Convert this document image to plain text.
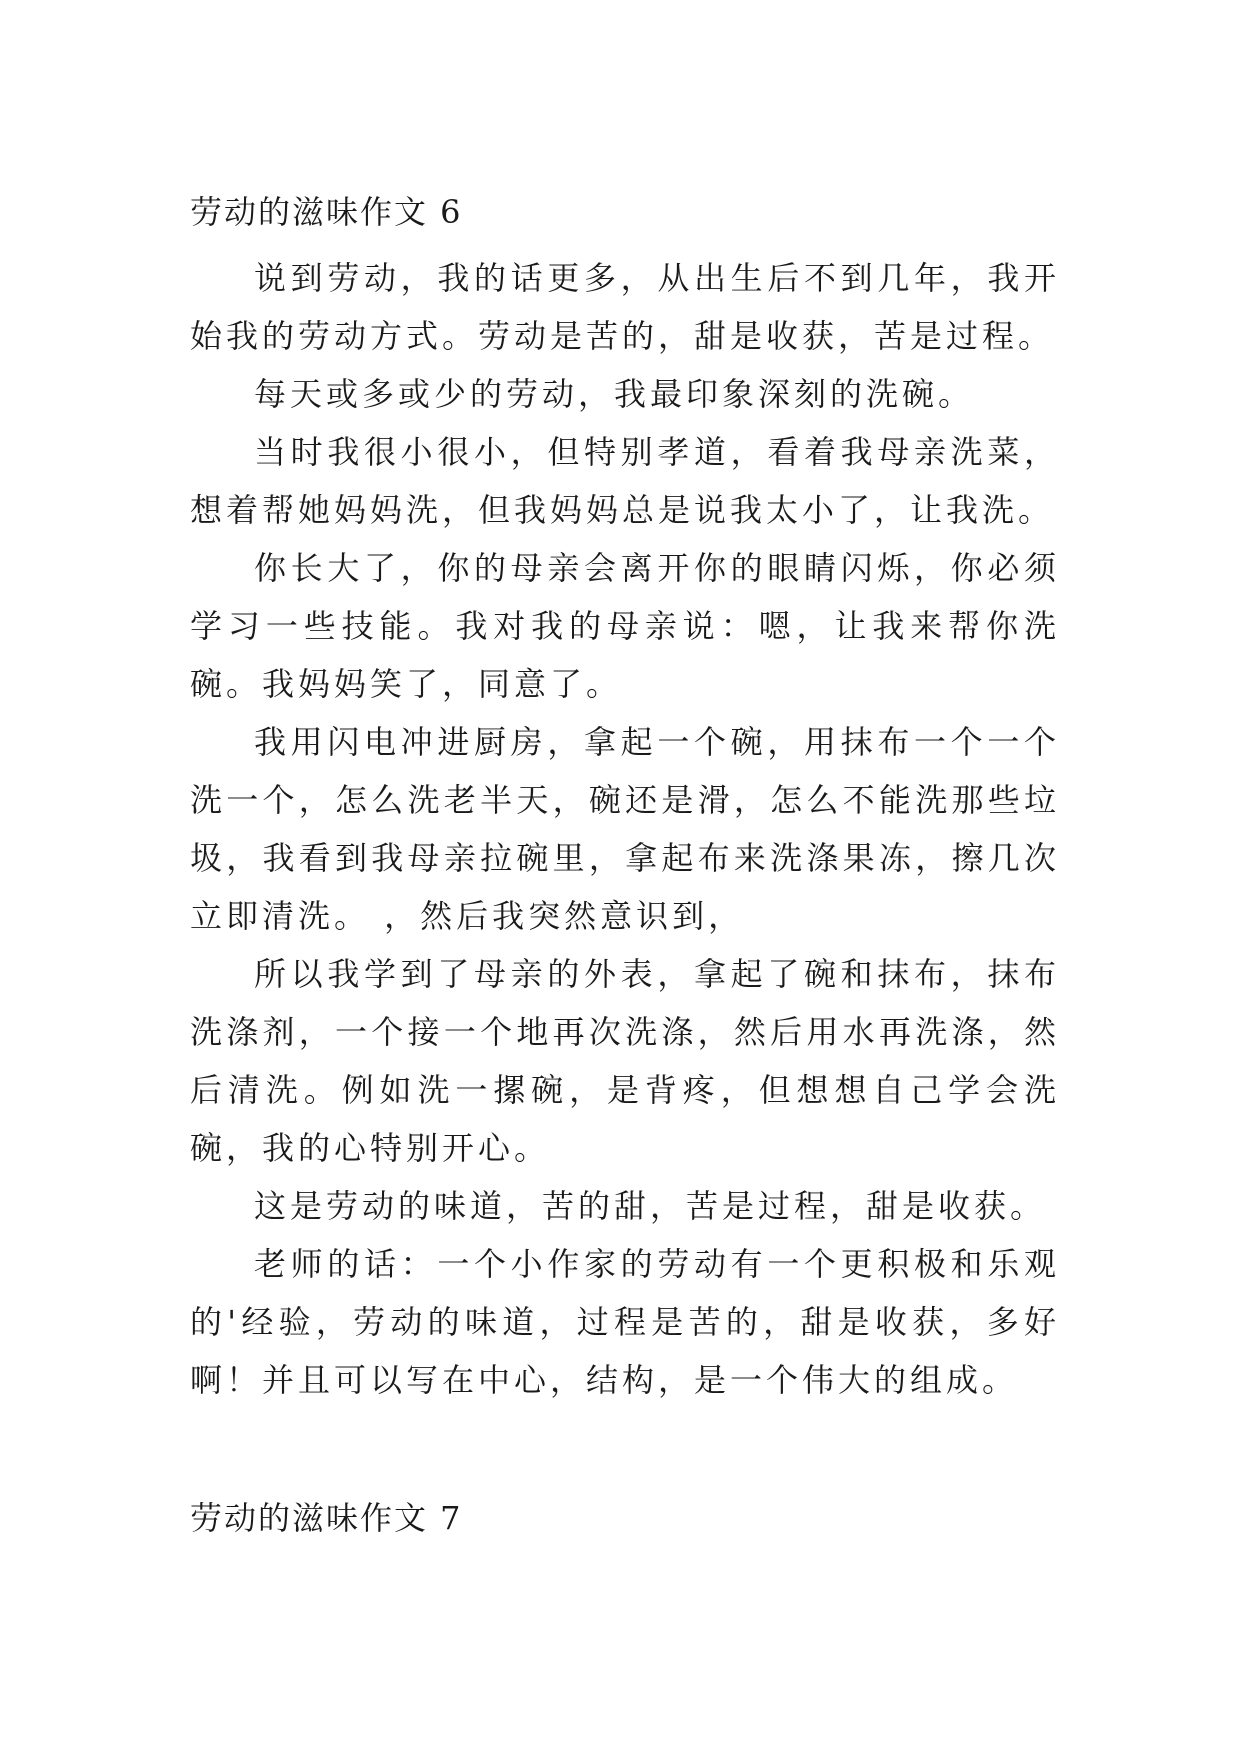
劳动的滋味作文 6

说到劳动，我的话更多，从出生后不到几年，我开始我的劳动方式。劳动是苦的，甜是收获，苦是过程。

每天或多或少的劳动，我最印象深刻的洗碗。

当时我很小很小，但特别孝道，看着我母亲洗菜，想着帮她妈妈洗，但我妈妈总是说我太小了，让我洗。

你长大了，你的母亲会离开你的眼睛闪烁，你必须学习一些技能。我对我的母亲说：嗯，让我来帮你洗碗。我妈妈笑了，同意了。

我用闪电冲进厨房，拿起一个碗，用抹布一个一个洗一个，怎么洗老半天，碗还是滑，怎么不能洗那些垃圾，我看到我母亲拉碗里，拿起布来洗涤果冻，擦几次立即清洗。 ，然后我突然意识到，

所以我学到了母亲的外表，拿起了碗和抹布，抹布洗涤剂，一个接一个地再次洗涤，然后用水再洗涤，然后清洗。例如洗一摞碗，是背疼，但想想自己学会洗碗，我的心特别开心。

这是劳动的味道，苦的甜，苦是过程，甜是收获。

老师的话：一个小作家的劳动有一个更积极和乐观的'经验，劳动的味道，过程是苦的，甜是收获，多好啊！并且可以写在中心，结构，是一个伟大的组成。

劳动的滋味作文 7
